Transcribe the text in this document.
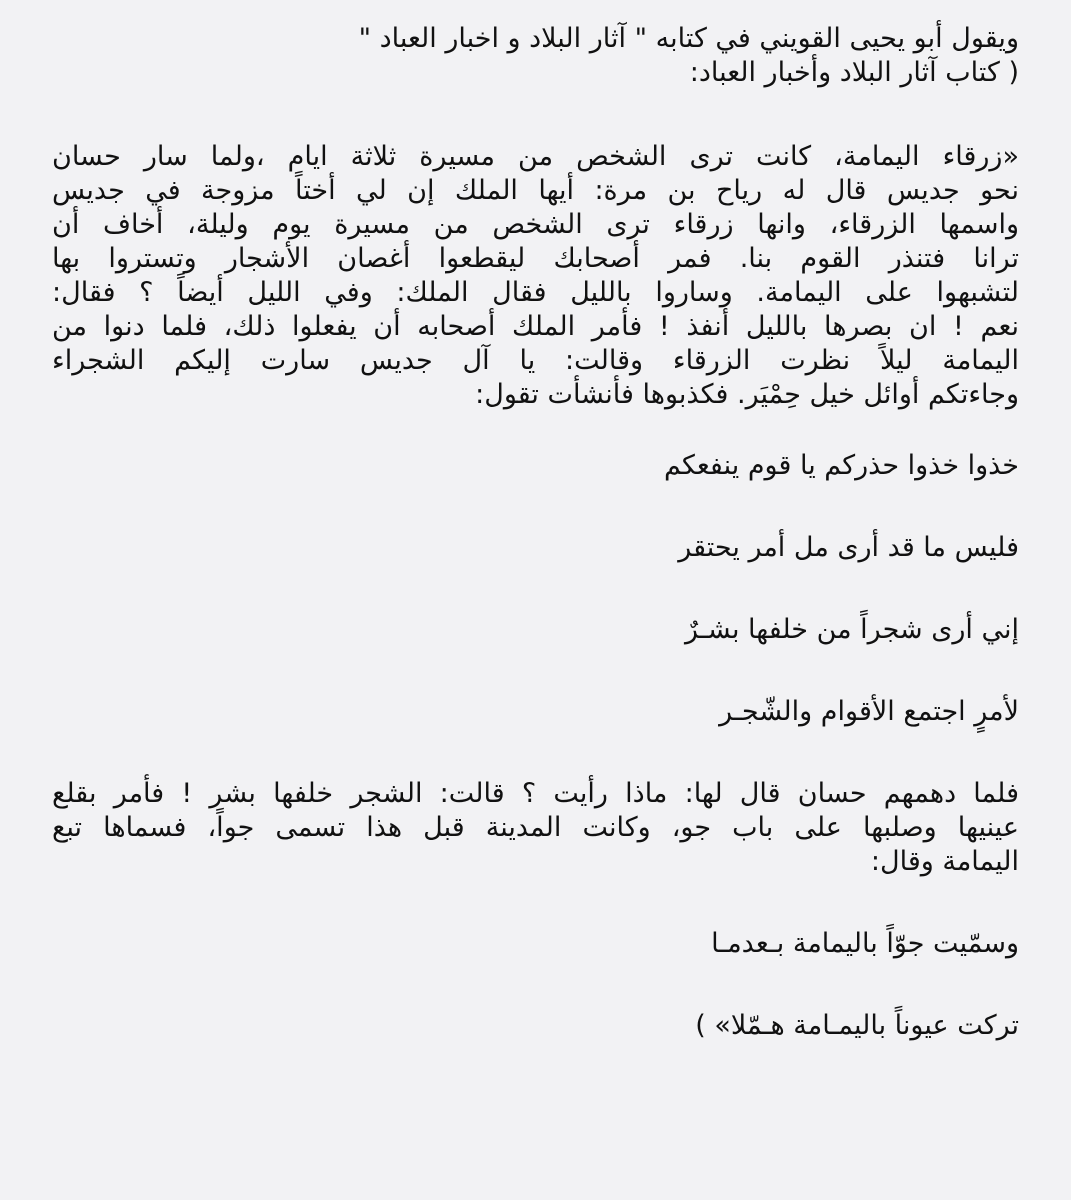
ويقول أبو يحيى القويني في كتابه " آثار البلاد و اخبار العباد "

( كتاب آثار البلاد وأخبار العباد:

«زرقاء اليمامة، كانت ترى الشخص من مسيرة ثلاثة ايام ،ولما سار حسان

نحو جديس قال له رياح بن مرة: أيها الملك إن لي أختاً مزوجة في جديس

واسمها الزرقاء، وانها زرقاء ترى الشخص من مسيرة يوم وليلة، أخاف أن

ترانا فتنذر القوم بنا. فمر أصحابك ليقطعوا أغصان الأشجار وتستروا بها

لتشبهوا على اليمامة. وساروا بالليل فقال الملك: وفي الليل أيضاً ؟ فقال:

نعم ! ان بصرها بالليل أنفذ ! فأمر الملك أصحابه أن يفعلوا ذلك، فلما دنوا من

اليمامة ليلاً نظرت الزرقاء وقالت: يا آل جديس سارت إليكم الشجراء

وجاءتكم أوائل خيل حِمْيَر. فكذبوها فأنشأت تقول:

خذوا خذوا حذركم يا قوم ينفعكم

فليس ما قد أرى مل أمر يحتقر

إني أرى شجراً من خلفها بشـرٌ

لأمرٍ اجتمع الأقوام والشّجـر

فلما دهمهم حسان قال لها: ماذا رأيت ؟ قالت: الشجر خلفها بشر ! فأمر بقلع

عينيها وصلبها على باب جو، وكانت المدينة قبل هذا تسمى جواً، فسماها تبع

اليمامة وقال:

وسمّيت جوّاً باليمامة بـعدمـا

تركت عيوناً باليمـامة هـمّلا» )
